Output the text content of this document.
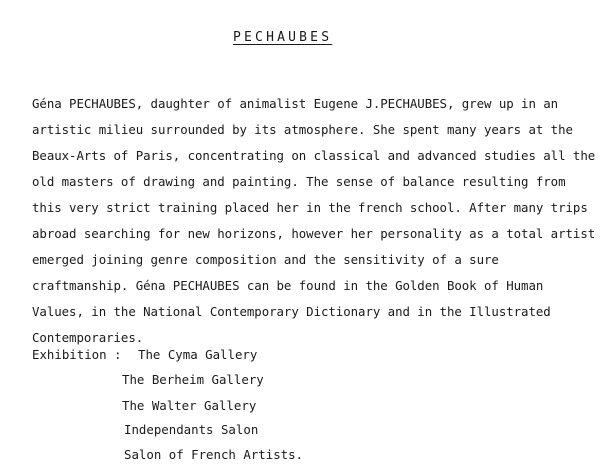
PECHAUBES
Géna PECHAUBES, daughter of animalist Eugene J.PECHAUBES, grew up in an
artistic milieu surrounded by its atmosphere. She spent many years at the
Beaux-Arts of Paris, concentrating on classical and advanced studies all the
old masters of drawing and painting. The sense of balance resulting from
this very strict training placed her in the french school. After many trips
abroad searching for new horizons, however her personality as a total artist
emerged joining genre composition and the sensitivity of a sure
craftmanship. Géna PECHAUBES can be found in the Golden Book of Human
Values, in the National Contemporary Dictionary and in the Illustrated
Contemporaries.
Exhibition : The Cyma Gallery
The Berheim Gallery
The Walter Gallery
Independants Salon
Salon of French Artists.
